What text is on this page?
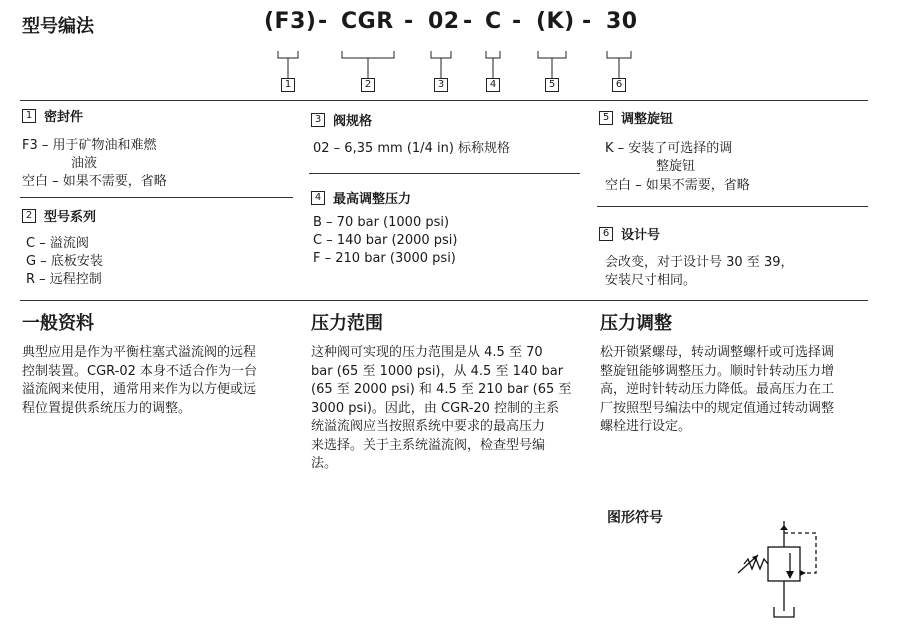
型号编法	(F3) - CGR - 02 - C - (K) - 30
1	2	3	4	5	6
1 密封件
F3 – 用于矿物油和难燃
油液
空白 – 如果不需要，省略
2 型号系列
C – 溢流阀
G – 底板安装
R – 远程控制
3 阀规格
02 – 6,35 mm (1/4 in) 标称规格
4 最高调整压力
B – 70 bar (1000 psi)
C – 140 bar (2000 psi)
F – 210 bar (3000 psi)
5 调整旋钮
K – 安装了可选择的调
整旋钮
空白 – 如果不需要，省略
6 设计号
会改变，对于设计号 30 至 39，
安装尺寸相同。
一般资料
典型应用是作为平衡柱塞式溢流阀的远程
控制装置。CGR-02 本身不适合作为一台
溢流阀来使用，通常用来作为以方便或远
程位置提供系统压力的调整。
压力范围
这种阀可实现的压力范围是从 4.5 至 70
bar (65 至 1000 psi)，从 4.5 至 140 bar
(65 至 2000 psi) 和 4.5 至 210 bar (65 至
3000 psi)。因此，由 CGR-20 控制的主系
统溢流阀应当按照系统中要求的最高压力
来选择。关于主系统溢流阀，检查型号编
法。
压力调整
松开锁紧螺母，转动调整螺杆或可选择调
整旋钮能够调整压力。顺时针转动压力增
高，逆时针转动压力降低。最高压力在工
厂按照型号编法中的规定值通过转动调整
螺栓进行设定。
图形符号
